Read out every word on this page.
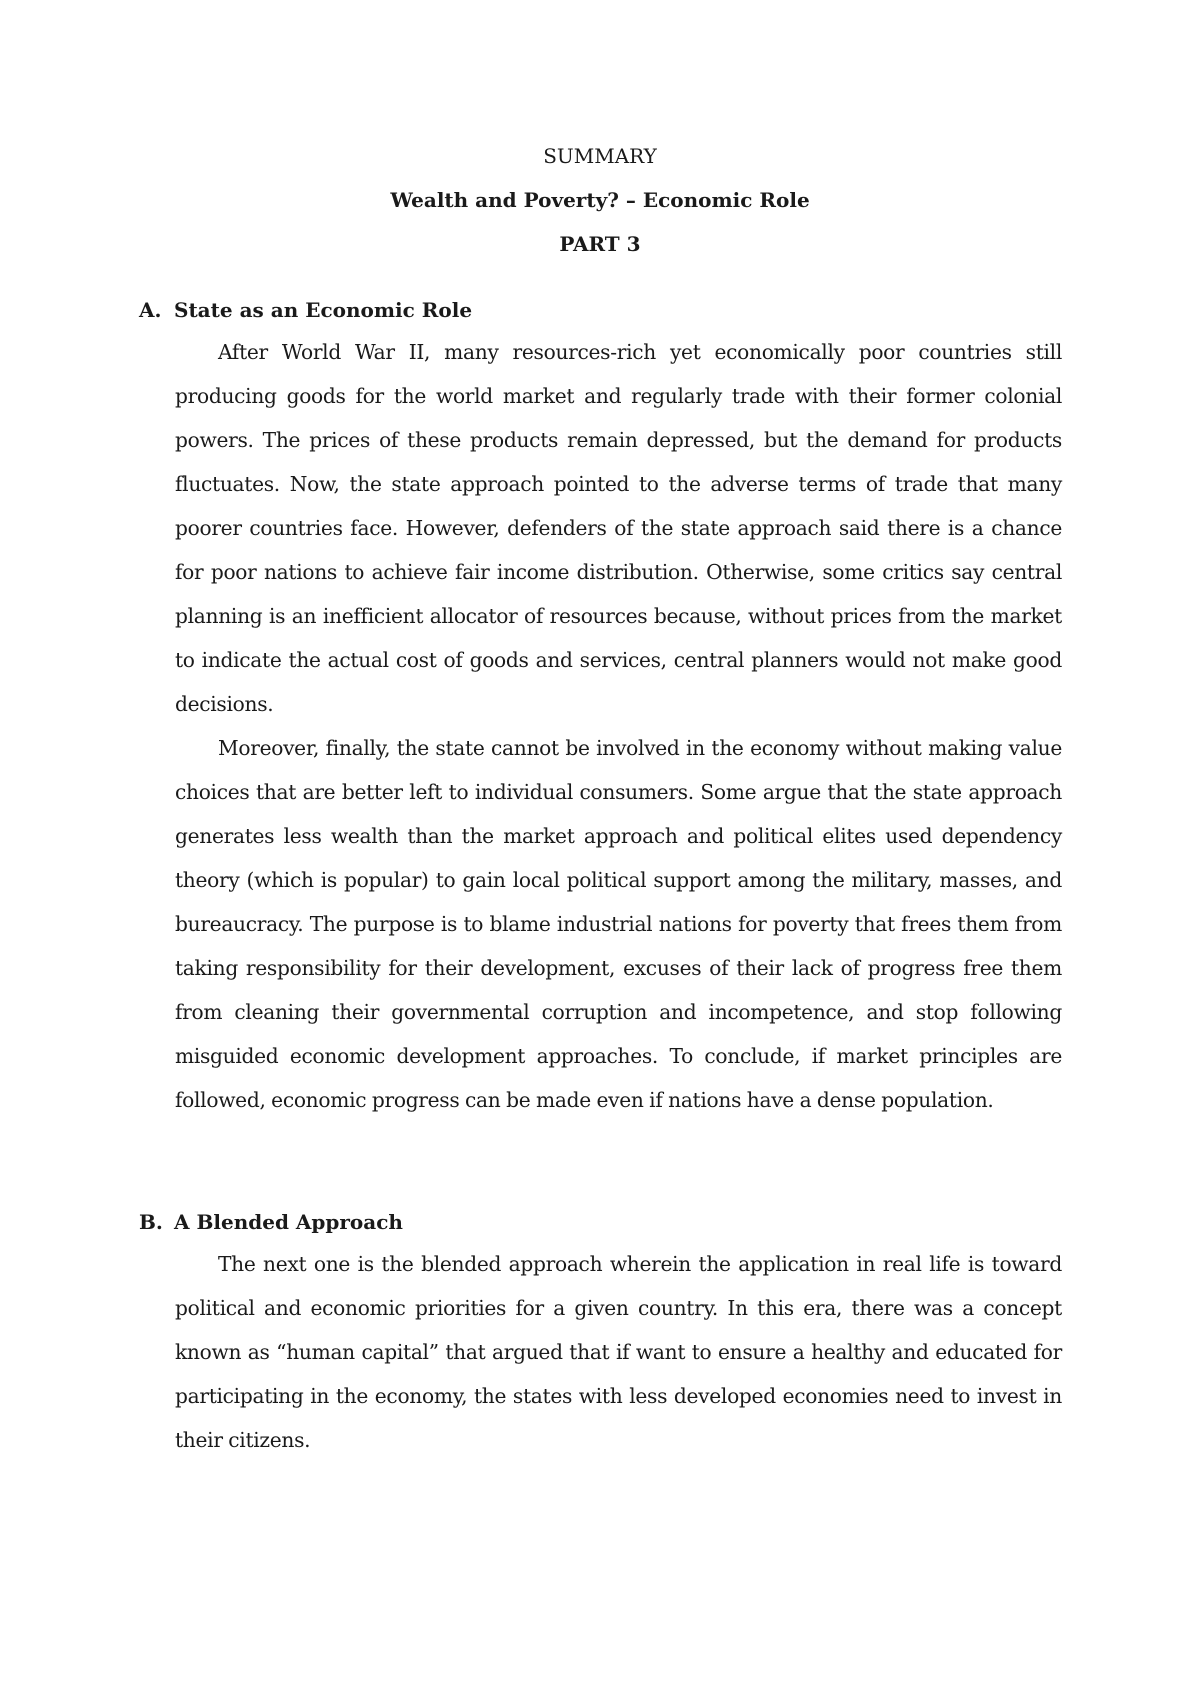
SUMMARY
Wealth and Poverty? – Economic Role
PART 3
A. State as an Economic Role

After World War II, many resources-rich yet economically poor countries still producing goods for the world market and regularly trade with their former colonial powers. The prices of these products remain depressed, but the demand for products fluctuates. Now, the state approach pointed to the adverse terms of trade that many poorer countries face. However, defenders of the state approach said there is a chance for poor nations to achieve fair income distribution. Otherwise, some critics say central planning is an inefficient allocator of resources because, without prices from the market to indicate the actual cost of goods and services, central planners would not make good decisions.

Moreover, finally, the state cannot be involved in the economy without making value choices that are better left to individual consumers. Some argue that the state approach generates less wealth than the market approach and political elites used dependency theory (which is popular) to gain local political support among the military, masses, and bureaucracy. The purpose is to blame industrial nations for poverty that frees them from taking responsibility for their development, excuses of their lack of progress free them from cleaning their governmental corruption and incompetence, and stop following misguided economic development approaches. To conclude, if market principles are followed, economic progress can be made even if nations have a dense population.

B. A Blended Approach

The next one is the blended approach wherein the application in real life is toward political and economic priorities for a given country. In this era, there was a concept known as “human capital” that argued that if want to ensure a healthy and educated for participating in the economy, the states with less developed economies need to invest in their citizens.
